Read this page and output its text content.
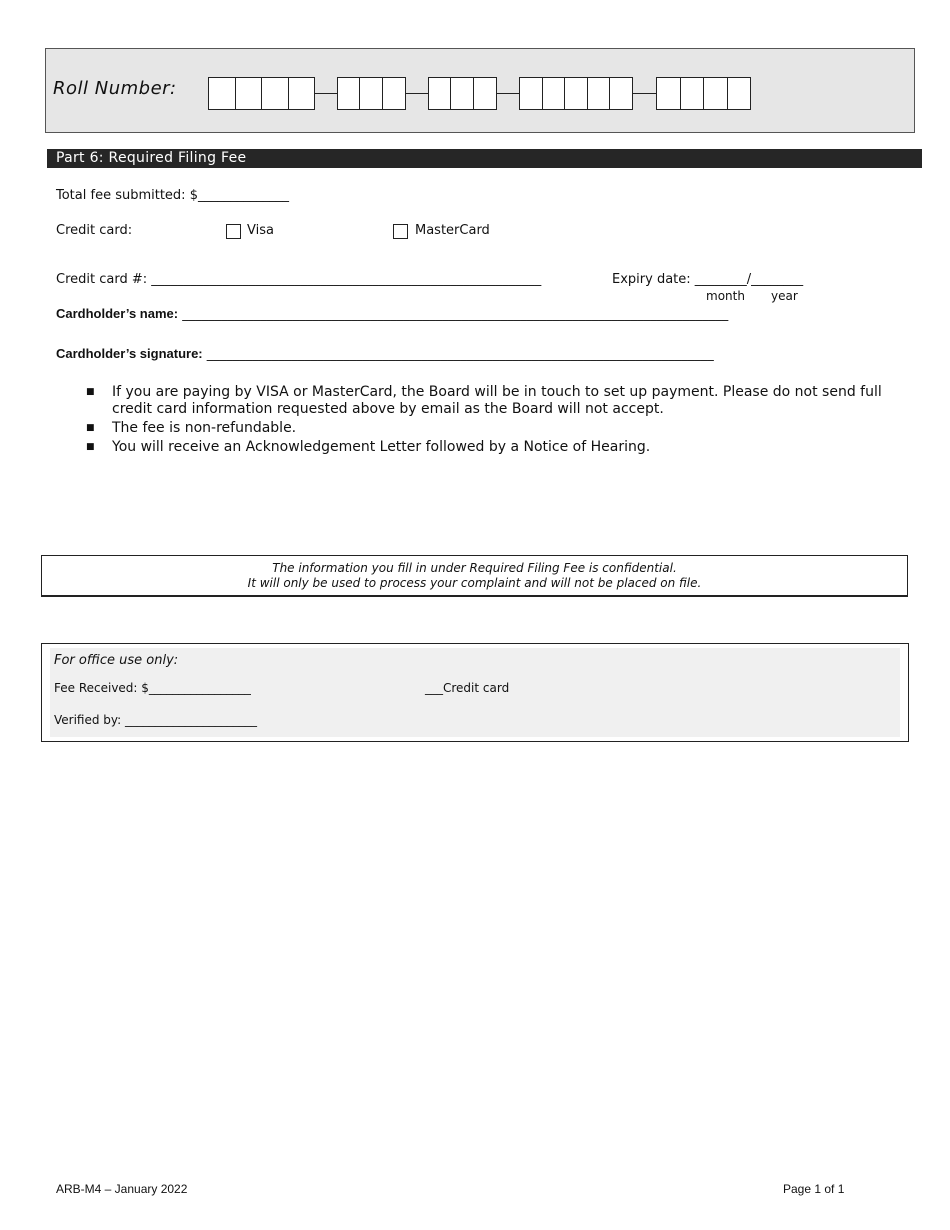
Roll Number:
Part 6: Required Filing Fee
Total fee submitted: $______________
Credit card:	Visa	MasterCard
Credit card #: ____________________________________________________________	Expiry date: ________/________
month year
Cardholder’s name: ____________________________________________________________________________________
Cardholder’s signature: ______________________________________________________________________________
■	If you are paying by VISA or MasterCard, the Board will be in touch to set up payment. Please do not send full credit card information requested above by email as the Board will not accept.
■	The fee is non-refundable.
■	You will receive an Acknowledgement Letter followed by a Notice of Hearing.
The information you fill in under Required Filing Fee is confidential.
It will only be used to process your complaint and will not be placed on file.
For office use only:
Fee Received: $_________________	___Credit card
Verified by: ______________________
ARB-M4 – January 2022	Page 1 of 1
